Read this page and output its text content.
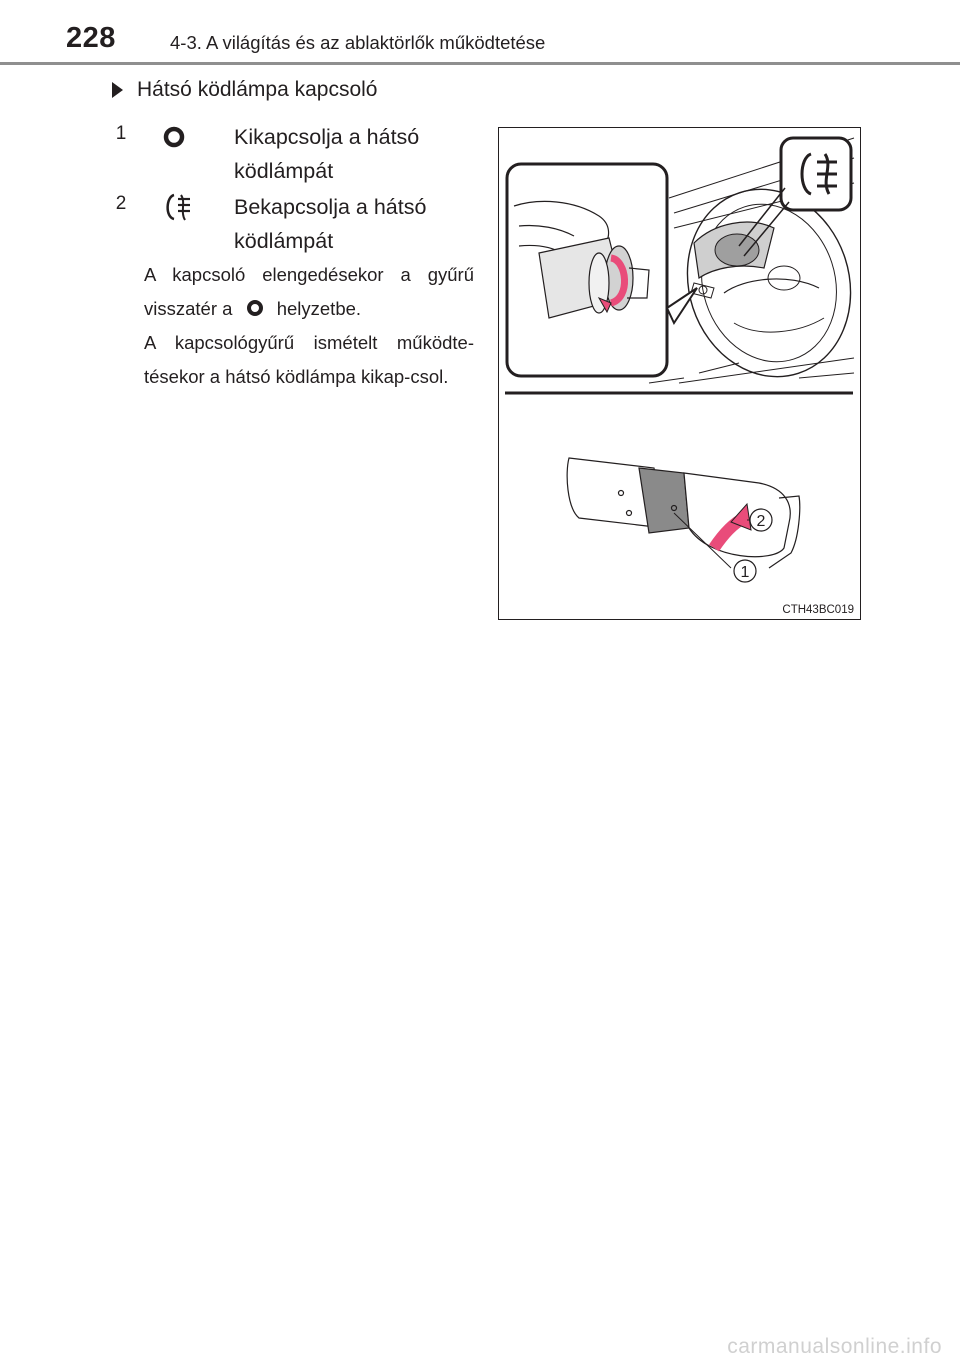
228	4-3. A világítás és az ablaktörlők működtetése
Hátsó ködlámpa kapcsoló
1	Kikapcsolja a hátsó ködlámpát
2	Bekapcsolja a hátsó ködlámpát
A kapcsoló elengedésekor a gyűrű visszatér a helyzetbe.
A kapcsológyűrű ismételt működte-tésekor a hátsó ködlámpa kikap-csol.
2
1
CTH43BC019
carmanualsonline.info
